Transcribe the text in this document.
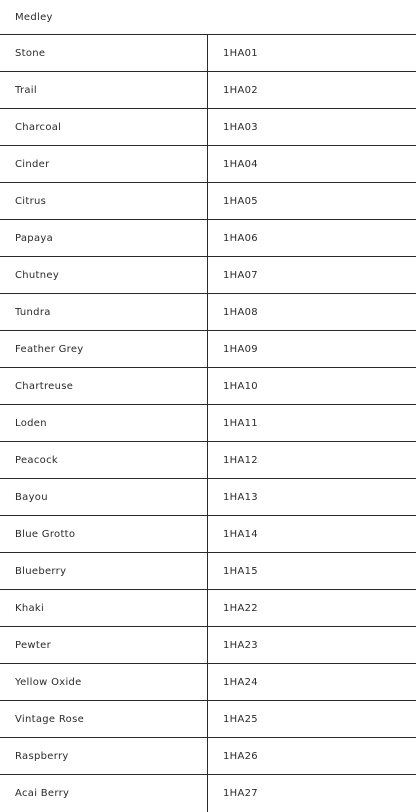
Medley
Stone	1HA01
Trail	1HA02
Charcoal	1HA03
Cinder	1HA04
Citrus	1HA05
Papaya	1HA06
Chutney	1HA07
Tundra	1HA08
Feather Grey	1HA09
Chartreuse	1HA10
Loden	1HA11
Peacock	1HA12
Bayou	1HA13
Blue Grotto	1HA14
Blueberry	1HA15
Khaki	1HA22
Pewter	1HA23
Yellow Oxide	1HA24
Vintage Rose	1HA25
Raspberry	1HA26
Acai Berry	1HA27
